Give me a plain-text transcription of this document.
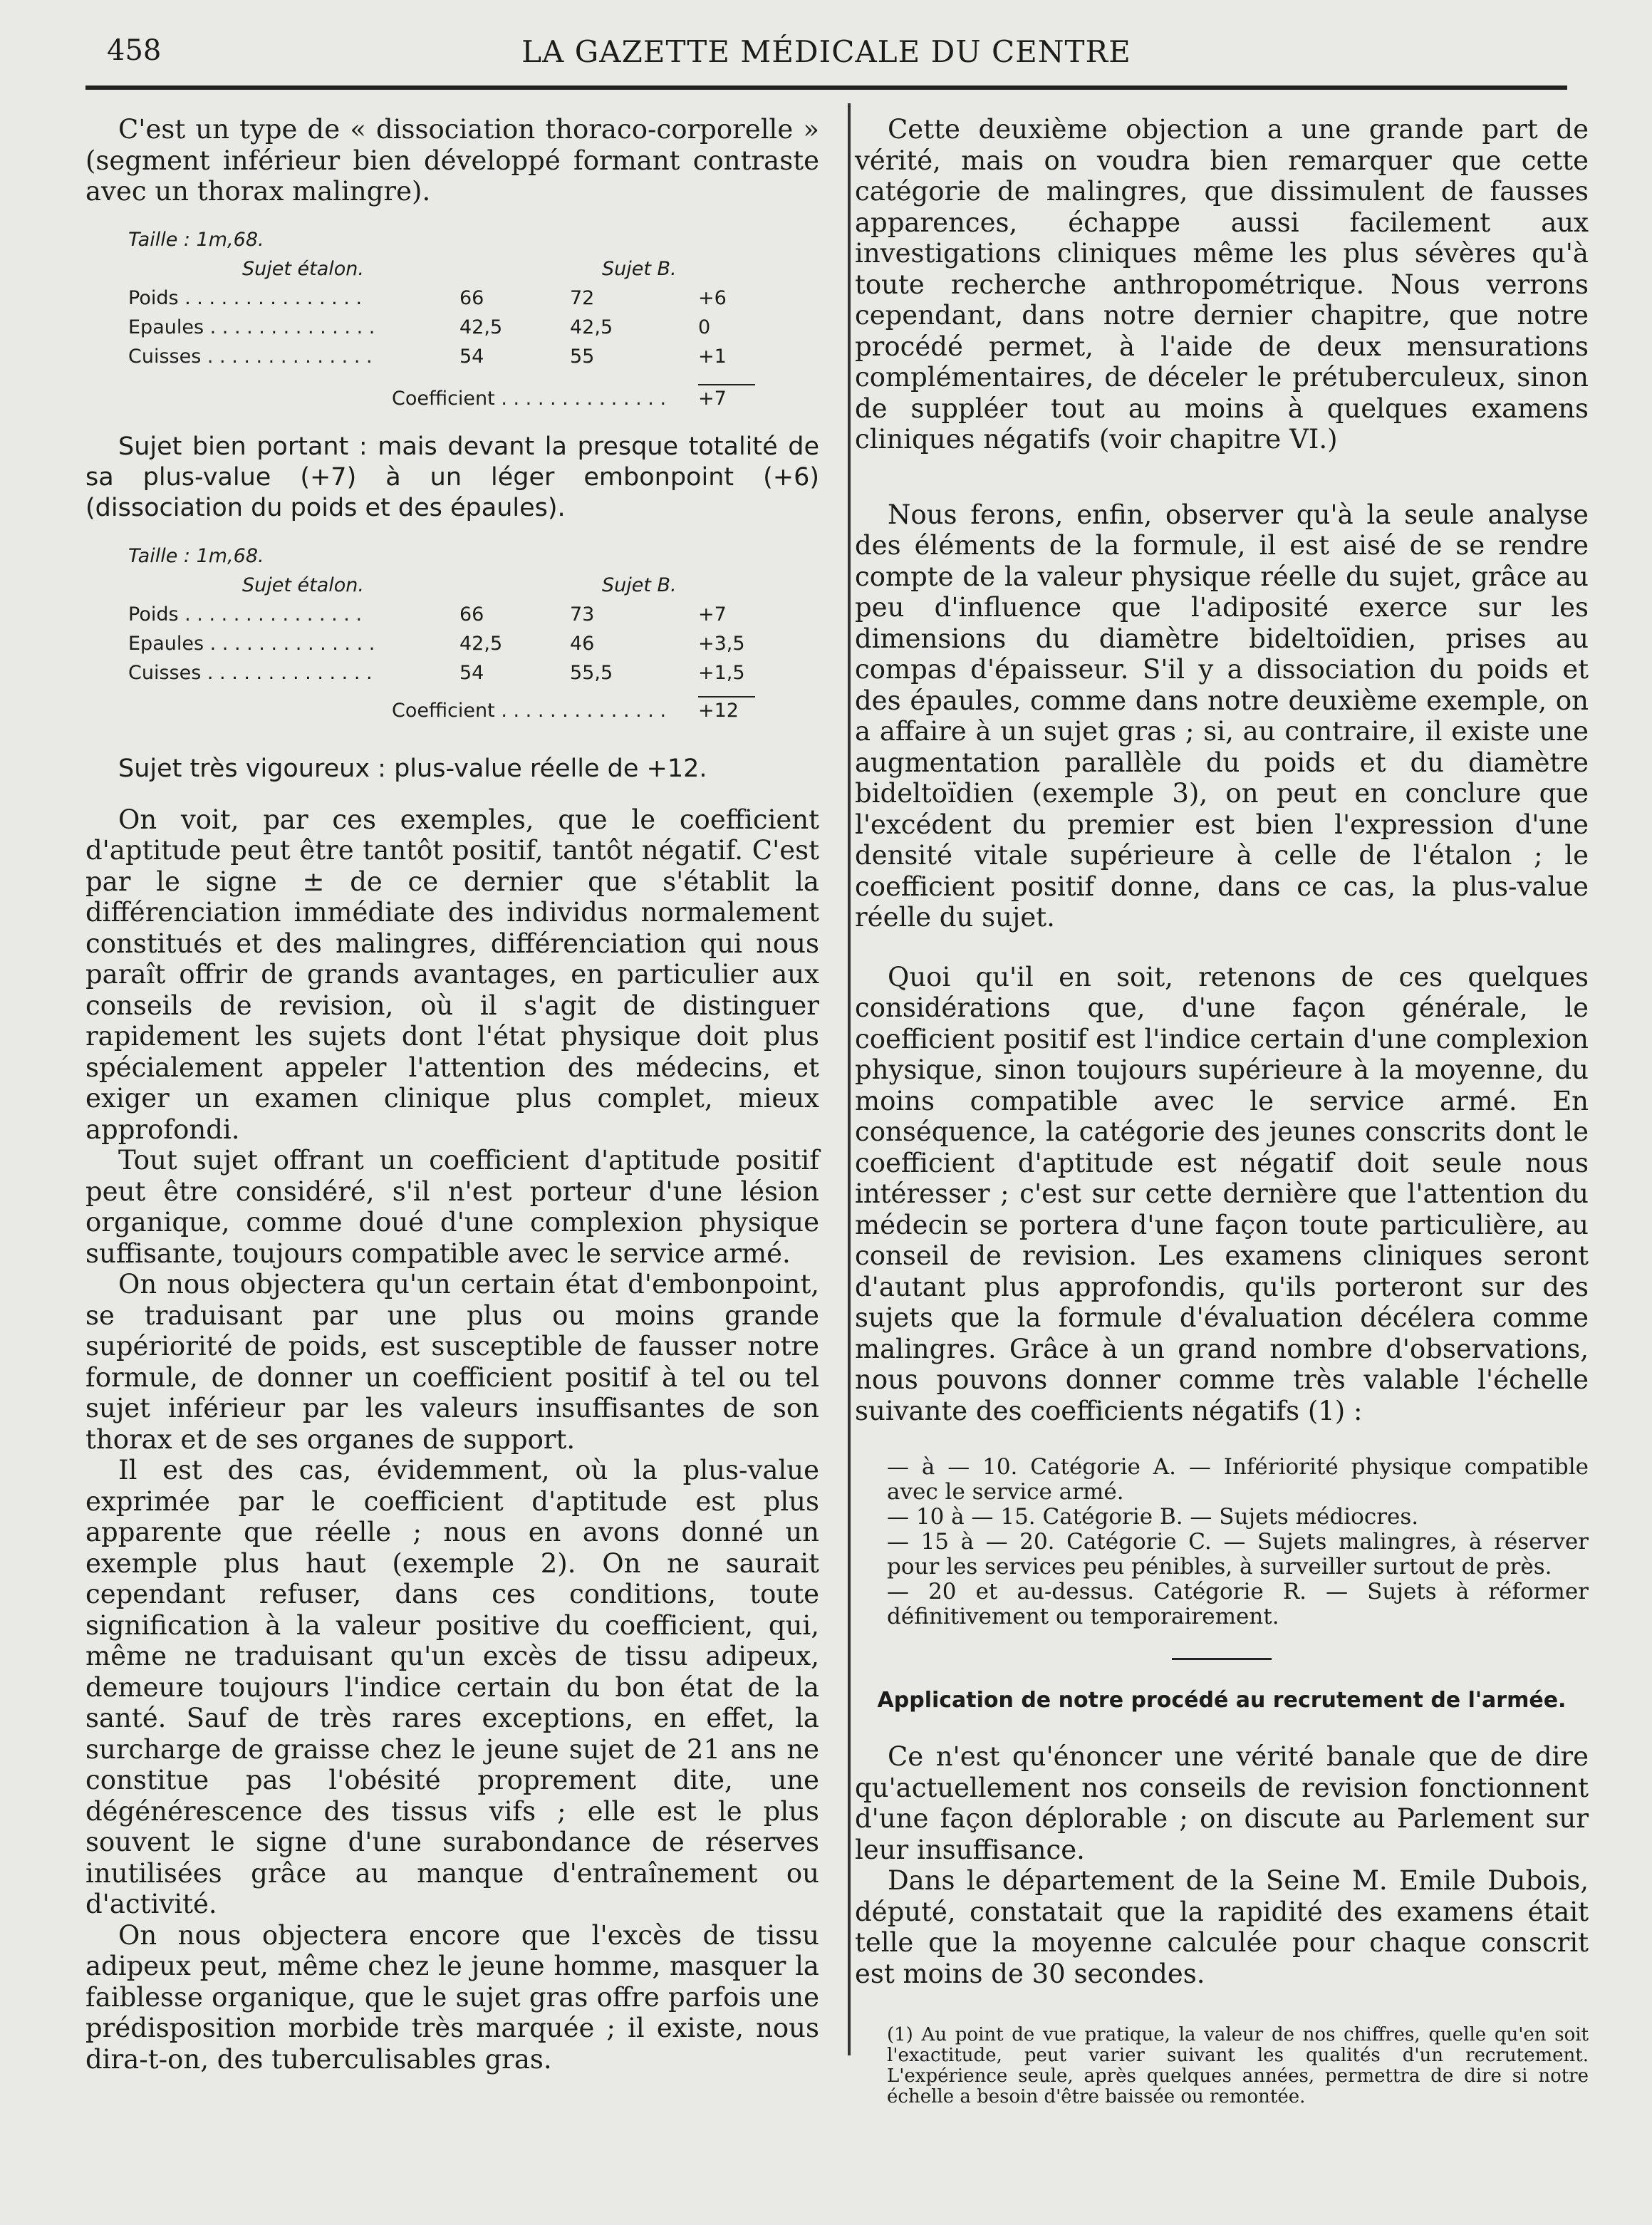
458	LA GAZETTE MÉDICALE DU CENTRE

C'est un type de « dissociation thoraco-corporelle » (segment inférieur bien développé formant contraste avec un thorax malingre).

Taille : 1m,68.
Sujet étalon.	Sujet B.
Poids . . . . . . . . . . . . . . .	66	72	+6
Epaules . . . . . . . . . . . . . .	42,5	42,5	0
Cuisses . . . . . . . . . . . . . .	54	55	+1
Coefficient . . . . . . . . . . . . . . +7

Sujet bien portant : mais devant la presque totalité de sa plus-value (+7) à un léger embonpoint (+6) (dissociation du poids et des épaules).

Taille : 1m,68.
Sujet étalon.	Sujet B.
Poids . . . . . . . . . . . . . . .	66	73	+7
Epaules . . . . . . . . . . . . . .	42,5	46	+3,5
Cuisses . . . . . . . . . . . . . .	54	55,5	+1,5
Coefficient . . . . . . . . . . . . . . +12

Sujet très vigoureux : plus-value réelle de +12.

On voit, par ces exemples, que le coefficient d'aptitude peut être tantôt positif, tantôt négatif. C'est par le signe ± de ce dernier que s'établit la différenciation immédiate des individus normalement constitués et des malingres, différenciation qui nous paraît offrir de grands avantages, en particulier aux conseils de revision, où il s'agit de distinguer rapidement les sujets dont l'état physique doit plus spécialement appeler l'attention des médecins, et exiger un examen clinique plus complet, mieux approfondi.

Tout sujet offrant un coefficient d'aptitude positif peut être considéré, s'il n'est porteur d'une lésion organique, comme doué d'une complexion physique suffisante, toujours compatible avec le service armé.

On nous objectera qu'un certain état d'embonpoint, se traduisant par une plus ou moins grande supériorité de poids, est susceptible de fausser notre formule, de donner un coefficient positif à tel ou tel sujet inférieur par les valeurs insuffisantes de son thorax et de ses organes de support.

Il est des cas, évidemment, où la plus-value exprimée par le coefficient d'aptitude est plus apparente que réelle ; nous en avons donné un exemple plus haut (exemple 2). On ne saurait cependant refuser, dans ces conditions, toute signification à la valeur positive du coefficient, qui, même ne traduisant qu'un excès de tissu adipeux, demeure toujours l'indice certain du bon état de la santé. Sauf de très rares exceptions, en effet, la surcharge de graisse chez le jeune sujet de 21 ans ne constitue pas l'obésité proprement dite, une dégénérescence des tissus vifs ; elle est le plus souvent le signe d'une surabondance de réserves inutilisées grâce au manque d'entraînement ou d'activité.

On nous objectera encore que l'excès de tissu adipeux peut, même chez le jeune homme, masquer la faiblesse organique, que le sujet gras offre parfois une prédisposition morbide très marquée ; il existe, nous dira-t-on, des tuberculisables gras.

Cette deuxième objection a une grande part de vérité, mais on voudra bien remarquer que cette catégorie de malingres, que dissimulent de fausses apparences, échappe aussi facilement aux investigations cliniques même les plus sévères qu'à toute recherche anthropométrique. Nous verrons cependant, dans notre dernier chapitre, que notre procédé permet, à l'aide de deux mensurations complémentaires, de déceler le prétuberculeux, sinon de suppléer tout au moins à quelques examens cliniques négatifs (voir chapitre VI.)

Nous ferons, enfin, observer qu'à la seule analyse des éléments de la formule, il est aisé de se rendre compte de la valeur physique réelle du sujet, grâce au peu d'influence que l'adiposité exerce sur les dimensions du diamètre bideltoïdien, prises au compas d'épaisseur. S'il y a dissociation du poids et des épaules, comme dans notre deuxième exemple, on a affaire à un sujet gras ; si, au contraire, il existe une augmentation parallèle du poids et du diamètre bideltoïdien (exemple 3), on peut en conclure que l'excédent du premier est bien l'expression d'une densité vitale supérieure à celle de l'étalon ; le coefficient positif donne, dans ce cas, la plus-value réelle du sujet.

Quoi qu'il en soit, retenons de ces quelques considérations que, d'une façon générale, le coefficient positif est l'indice certain d'une complexion physique, sinon toujours supérieure à la moyenne, du moins compatible avec le service armé. En conséquence, la catégorie des jeunes conscrits dont le coefficient d'aptitude est négatif doit seule nous intéresser ; c'est sur cette dernière que l'attention du médecin se portera d'une façon toute particulière, au conseil de revision. Les examens cliniques seront d'autant plus approfondis, qu'ils porteront sur des sujets que la formule d'évaluation décélera comme malingres. Grâce à un grand nombre d'observations, nous pouvons donner comme très valable l'échelle suivante des coefficients négatifs (1) :

— à — 10. Catégorie A. — Infériorité physique compatible avec le service armé.

— 10 à — 15. Catégorie B. — Sujets médiocres.

— 15 à — 20. Catégorie C. — Sujets malingres, à réserver pour les services peu pénibles, à surveiller surtout de près.

— 20 et au-dessus. Catégorie R. — Sujets à réformer définitivement ou temporairement.

Application de notre procédé au recrutement de l'armée.

Ce n'est qu'énoncer une vérité banale que de dire qu'actuellement nos conseils de revision fonctionnent d'une façon déplorable ; on discute au Parlement sur leur insuffisance.

Dans le département de la Seine M. Emile Dubois, député, constatait que la rapidité des examens était telle que la moyenne calculée pour chaque conscrit est moins de 30 secondes.

(1) Au point de vue pratique, la valeur de nos chiffres, quelle qu'en soit l'exactitude, peut varier suivant les qualités d'un recrutement. L'expérience seule, après quelques années, permettra de dire si notre échelle a besoin d'être baissée ou remontée.
